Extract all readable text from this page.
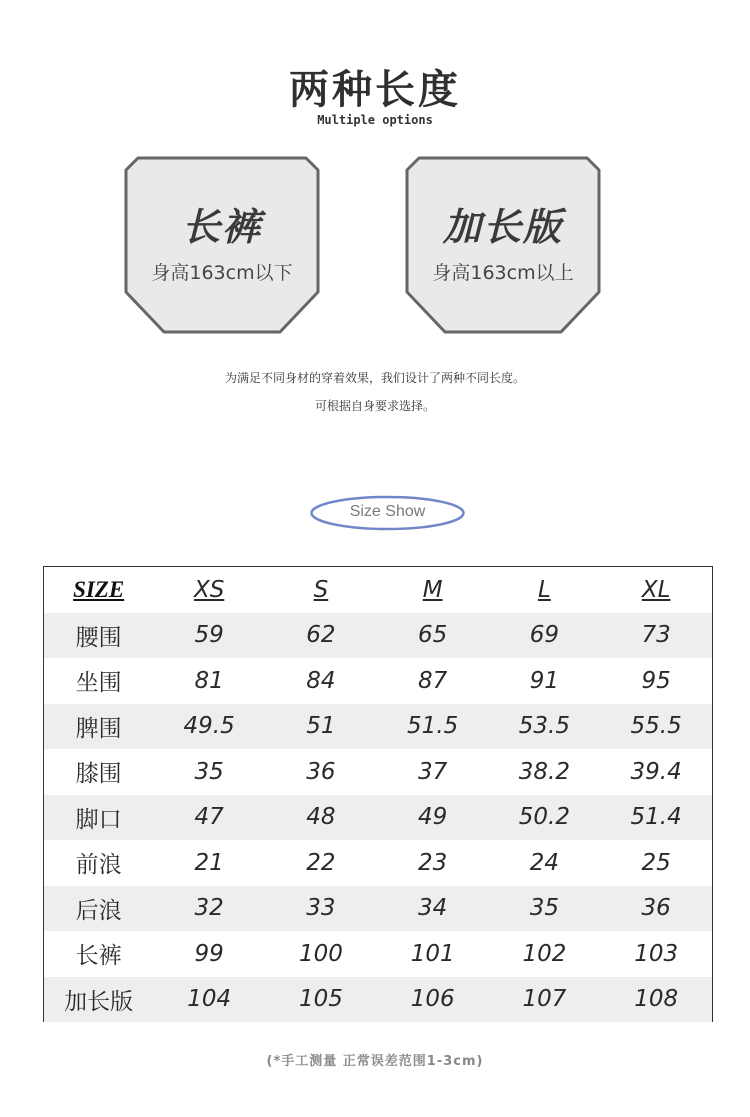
两种长度
Multiple options
长裤
身高163cm以下
加长版
身高163cm以上
为满足不同身材的穿着效果，我们设计了两种不同长度。
可根据自身要求选择。
Size Show
SIZE	XS	S	M	L	XL
腰围	59	62	65	69	73
坐围	81	84	87	91	95
脾围	49.5	51	51.5	53.5	55.5
膝围	35	36	37	38.2	39.4
脚口	47	48	49	50.2	51.4
前浪	21	22	23	24	25
后浪	32	33	34	35	36
长裤	99	100	101	102	103
加长版	104	105	106	107	108
(*手工测量 正常误差范围1-3cm)
